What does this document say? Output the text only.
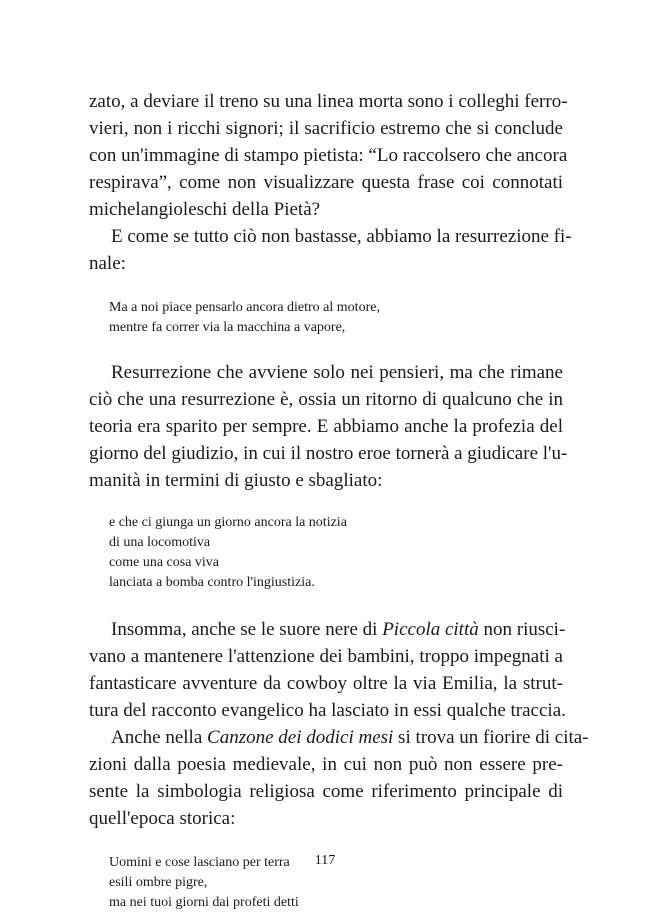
zato, a deviare il treno su una linea morta sono i colleghi ferro-
vieri, non i ricchi signori; il sacrificio estremo che si conclude
con un'immagine di stampo pietista: “Lo raccolsero che ancora
respirava”, come non visualizzare questa frase coi connotati
michelangioleschi della Pietà?

E come se tutto ciò non bastasse, abbiamo la resurrezione fi-
nale:

Ma a noi piace pensarlo ancora dietro al motore,
mentre fa correr via la macchina a vapore,

Resurrezione che avviene solo nei pensieri, ma che rimane
ciò che una resurrezione è, ossia un ritorno di qualcuno che in
teoria era sparito per sempre. E abbiamo anche la profezia del
giorno del giudizio, in cui il nostro eroe tornerà a giudicare l'u-
manità in termini di giusto e sbagliato:

e che ci giunga un giorno ancora la notizia
di una locomotiva
come una cosa viva
lanciata a bomba contro l'ingiustizia.

Insomma, anche se le suore nere di Piccola città non riusci-
vano a mantenere l'attenzione dei bambini, troppo impegnati a
fantasticare avventure da cowboy oltre la via Emilia, la strut-
tura del racconto evangelico ha lasciato in essi qualche traccia.

Anche nella Canzone dei dodici mesi si trova un fiorire di cita-
zioni dalla poesia medievale, in cui non può non essere pre-
sente la simbologia religiosa come riferimento principale di
quell'epoca storica:

Uomini e cose lasciano per terra
esili ombre pigre,
ma nei tuoi giorni dai profeti detti
117
